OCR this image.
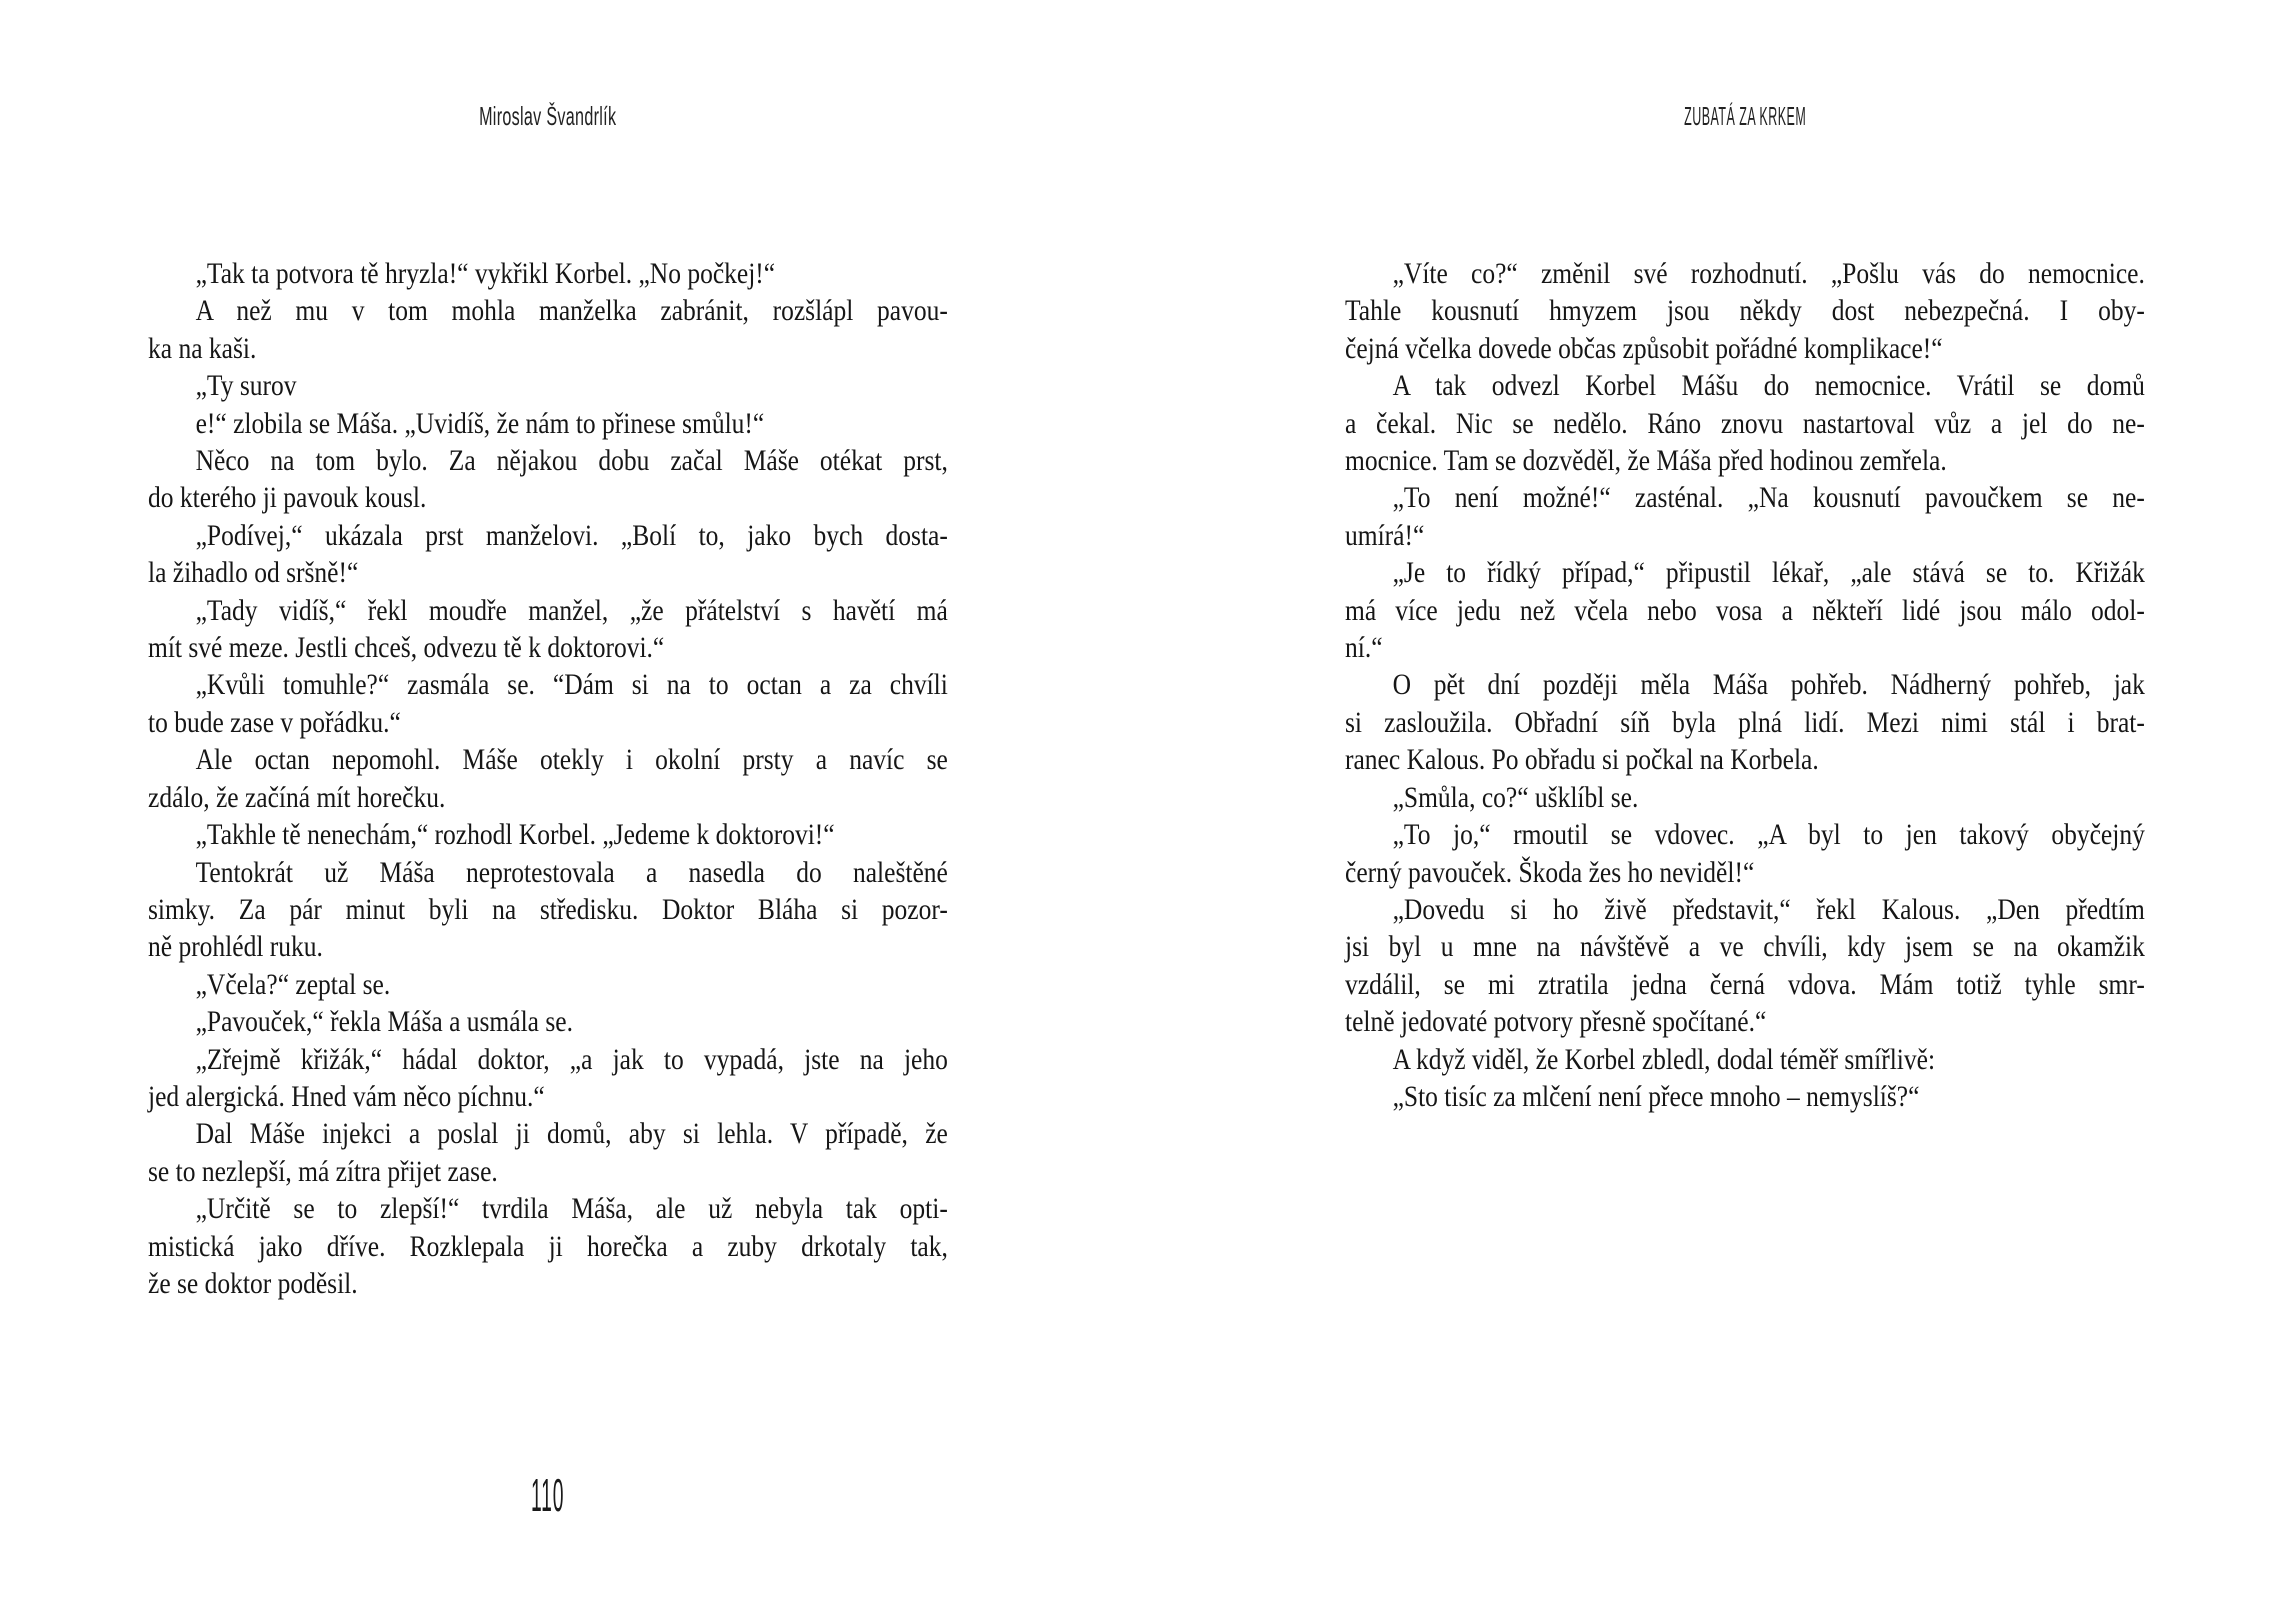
Miroslav Švandrlík
„Tak ta potvora tě hryzla!“ vykřikl Korbel. „No počkej!“
A než mu v tom mohla manželka zabránit, rozšlápl pavou-
ka na kaši.
„Ty surov
e!“ zlobila se Máša. „Uvidíš, že nám to přinese smůlu!“
Něco na tom bylo. Za nějakou dobu začal Máše otékat prst,
do kterého ji pavouk kousl.
„Podívej,“ ukázala prst manželovi. „Bolí to, jako bych dosta-
la žihadlo od sršně!“
„Tady vidíš,“ řekl moudře manžel, „že přátelství s havětí má
mít své meze. Jestli chceš, odvezu tě k doktorovi.“
„Kvůli tomuhle?“ zasmála se. “Dám si na to octan a za chvíli
to bude zase v pořádku.“
Ale octan nepomohl. Máše otekly i okolní prsty a navíc se
zdálo, že začíná mít horečku.
„Takhle tě nenechám,“ rozhodl Korbel. „Jedeme k doktorovi!“
Tentokrát už Máša neprotestovala a nasedla do naleštěné
simky. Za pár minut byli na středisku. Doktor Bláha si pozor-
ně prohlédl ruku.
„Včela?“ zeptal se.
„Pavouček,“ řekla Máša a usmála se.
„Zřejmě křižák,“ hádal doktor, „a jak to vypadá, jste na jeho
jed alergická. Hned vám něco píchnu.“
Dal Máše injekci a poslal ji domů, aby si lehla. V případě, že
se to nezlepší, má zítra přijet zase.
„Určitě se to zlepší!“ tvrdila Máša, ale už nebyla tak opti-
mistická jako dříve. Rozklepala ji horečka a zuby drkotaly tak,
že se doktor poděsil.
110
ZUBATÁ ZA KRKEM
„Víte co?“ změnil své rozhodnutí. „Pošlu vás do nemocnice.
Tahle kousnutí hmyzem jsou někdy dost nebezpečná. I oby-
čejná včelka dovede občas způsobit pořádné komplikace!“
A tak odvezl Korbel Mášu do nemocnice. Vrátil se domů
a čekal. Nic se nedělo. Ráno znovu nastartoval vůz a jel do ne-
mocnice. Tam se dozvěděl, že Máša před hodinou zemřela.
„To není možné!“ zasténal. „Na kousnutí pavoučkem se ne-
umírá!“
„Je to řídký případ,“ připustil lékař, „ale stává se to. Křižák
má více jedu než včela nebo vosa a někteří lidé jsou málo odol-
ní.“
O pět dní později měla Máša pohřeb. Nádherný pohřeb, jak
si zasloužila. Obřadní síň byla plná lidí. Mezi nimi stál i brat-
ranec Kalous. Po obřadu si počkal na Korbela.
„Smůla, co?“ ušklíbl se.
„To jo,“ rmoutil se vdovec. „A byl to jen takový obyčejný
černý pavouček. Škoda žes ho neviděl!“
„Dovedu si ho živě představit,“ řekl Kalous. „Den předtím
jsi byl u mne na návštěvě a ve chvíli, kdy jsem se na okamžik
vzdálil, se mi ztratila jedna černá vdova. Mám totiž tyhle smr-
telně jedovaté potvory přesně spočítané.“
A když viděl, že Korbel zbledl, dodal téměř smířlivě:
„Sto tisíc za mlčení není přece mnoho – nemyslíš?“
